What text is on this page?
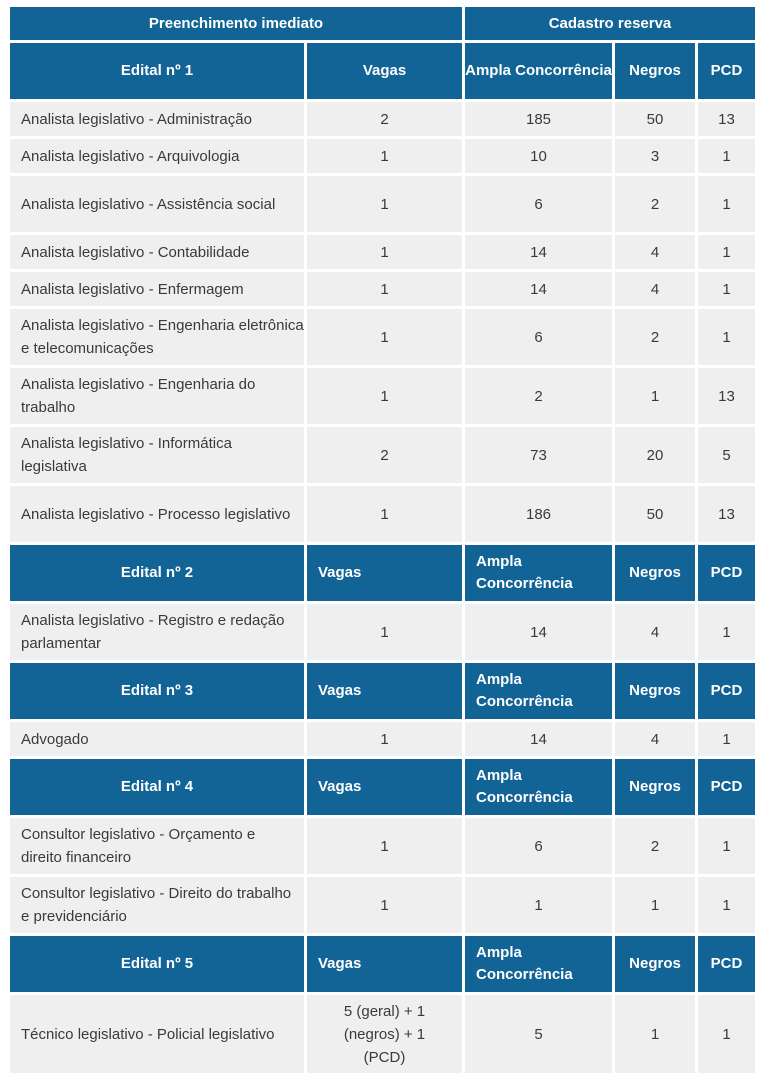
Preenchimento imediato		Cadastro reserva		
Edital nº 1	Vagas	Ampla Concorrência	Negros	PCD
Analista legislativo - Administração	2	185	50	13
Analista legislativo - Arquivologia	1	10	3	1
Analista legislativo - Assistência social	1	6	2	1
Analista legislativo - Contabilidade	1	14	4	1
Analista legislativo - Enfermagem	1	14	4	1
Analista legislativo - Engenharia eletrônica e telecomunicações	1	6	2	1
Analista legislativo - Engenharia do trabalho	1	2	1	13
Analista legislativo - Informática legislativa	2	73	20	5
Analista legislativo - Processo legislativo	1	186	50	13
Edital nº 2	Vagas	Ampla Concorrência	Negros	PCD
Analista legislativo - Registro e redação parlamentar	1	14	4	1
Edital nº 3	Vagas	Ampla Concorrência	Negros	PCD
Advogado	1	14	4	1
Edital nº 4	Vagas	Ampla Concorrência	Negros	PCD
Consultor legislativo - Orçamento e direito financeiro	1	6	2	1
Consultor legislativo - Direito do trabalho e previdenciário	1	1	1	1
Edital nº 5	Vagas	Ampla Concorrência	Negros	PCD
Técnico legislativo - Policial legislativo	5 (geral) + 1 (negros) + 1 (PCD)	5	1	1
